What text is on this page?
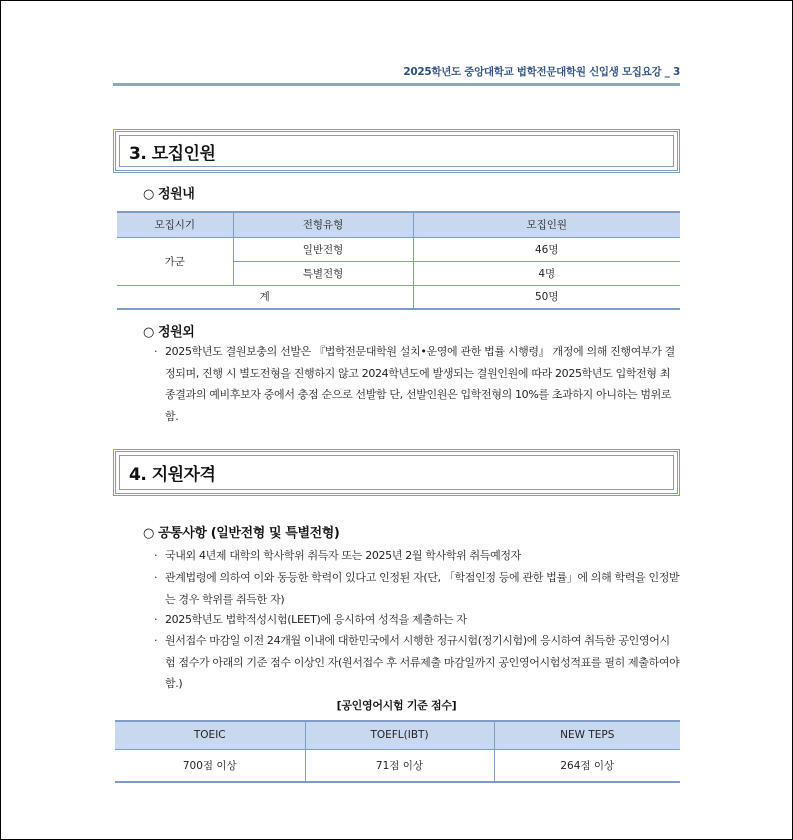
2025학년도 중앙대학교 법학전문대학원 신입생 모집요강 _ 3
3. 모집인원
○ 정원내
모집시기	전형유형	모집인원
가군	일반전형	46명
	특별전형	4명
계		50명
○ 정원외
· 2025학년도 결원보충의 선발은 『법학전문대학원 설치•운영에 관한 법률 시행령』 개정에 의해 진행여부가 결정되며, 진행 시 별도전형을 진행하지 않고 2024학년도에 발생되는 결원인원에 따라 2025학년도 입학전형 최종결과의 예비후보자 중에서 충점 순으로 선발함 단, 선발인원은 입학전형의 10%를 초과하지 아니하는 범위로 함.
4. 지원자격
○ 공통사항 (일반전형 및 특별전형)
· 국내외 4년제 대학의 학사학위 취득자 또는 2025년 2월 학사학위 취득예정자
· 관계법령에 의하여 이와 동등한 학력이 있다고 인정된 자(단, 「학점인정 등에 관한 법률」에 의해 학력을 인정받는 경우 학위를 취득한 자)
· 2025학년도 법학적성시험(LEET)에 응시하여 성적을 제출하는 자
· 원서접수 마감일 이전 24개월 이내에 대한민국에서 시행한 정규시험(정기시험)에 응시하여 취득한 공인영어시험 점수가 아래의 기준 점수 이상인 자(원서접수 후 서류제출 마감일까지 공인영어시험성적표를 필히 제출하여야 함.)
[공인영어시험 기준 점수]
TOEIC	TOEFL(IBT)	NEW TEPS
700점 이상	71점 이상	264점 이상
